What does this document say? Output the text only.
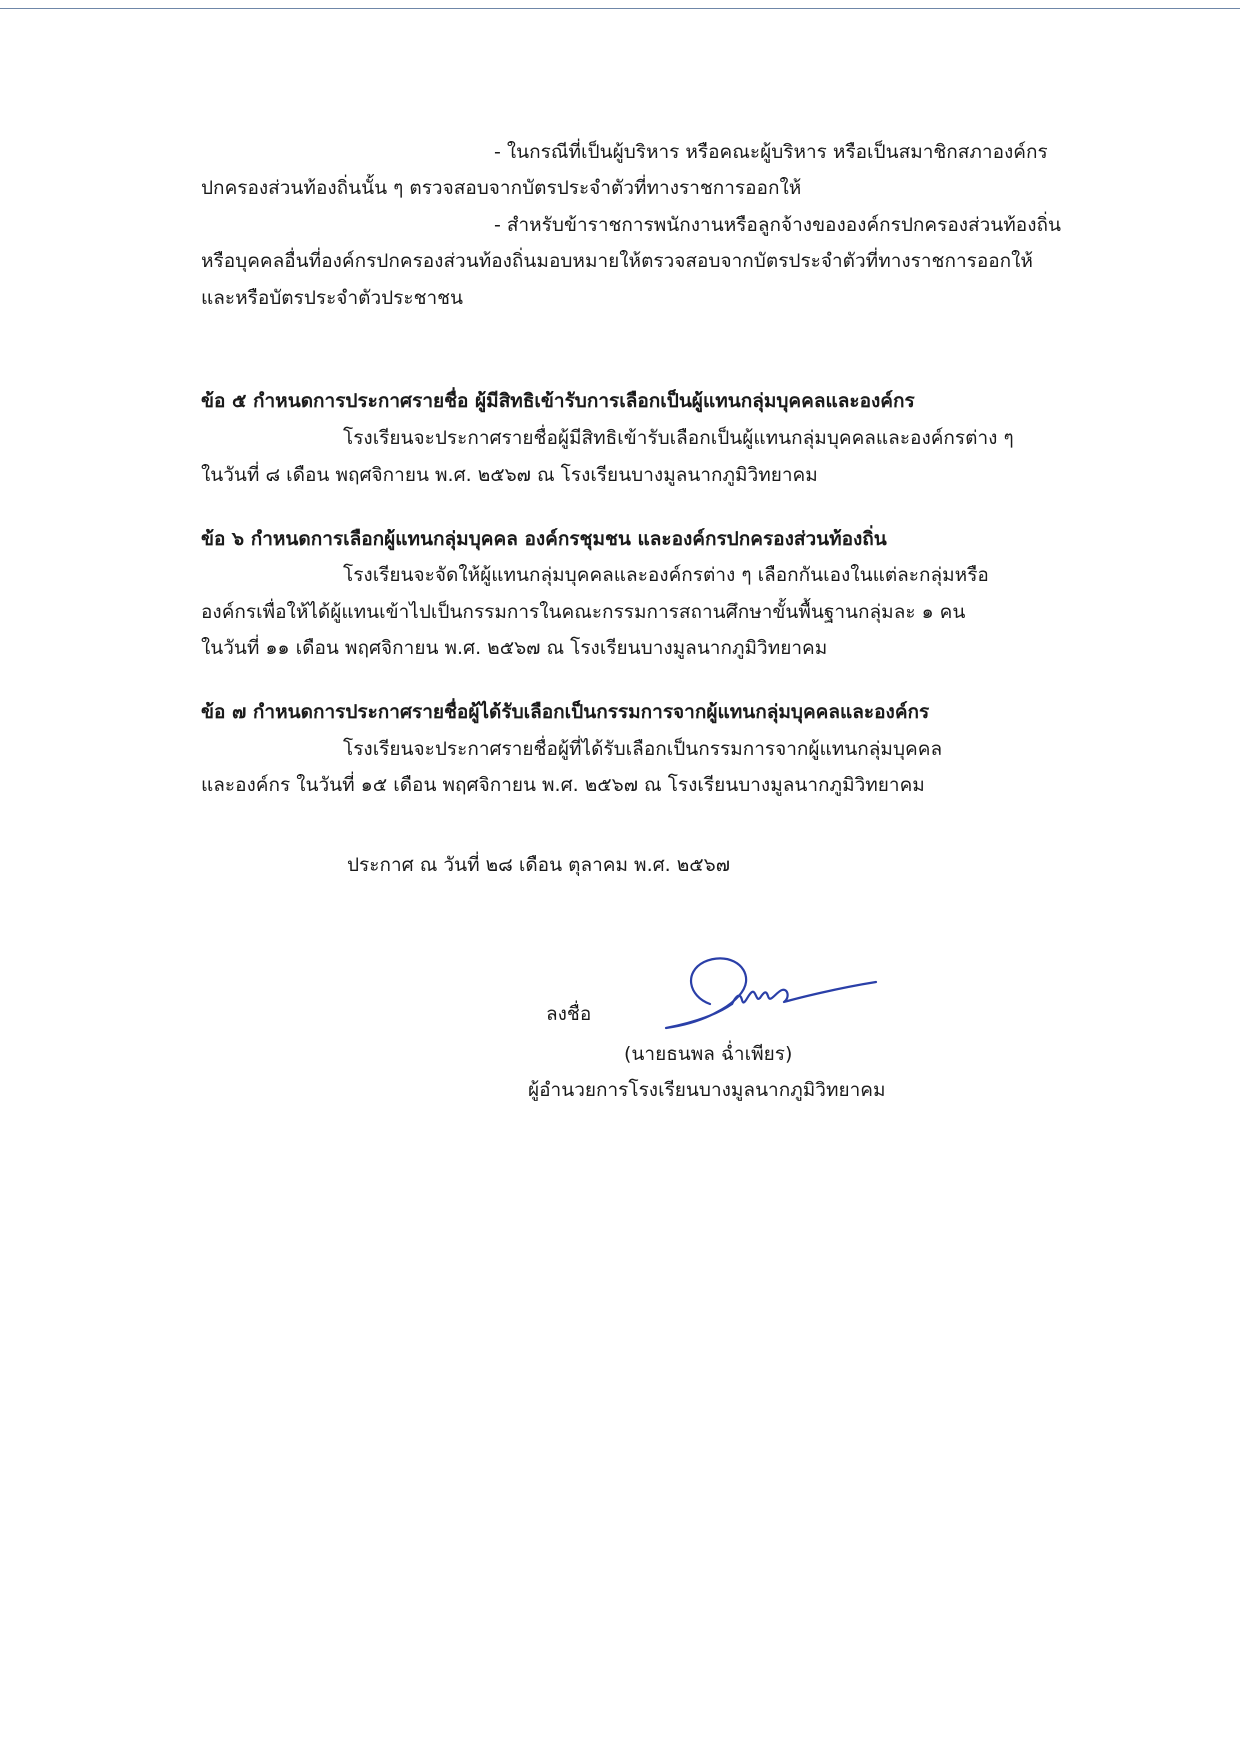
- ในกรณีที่เป็นผู้บริหาร หรือคณะผู้บริหาร หรือเป็นสมาชิกสภาองค์กร
ปกครองส่วนท้องถิ่นนั้น ๆ ตรวจสอบจากบัตรประจำตัวที่ทางราชการออกให้
- สำหรับข้าราชการพนักงานหรือลูกจ้างขององค์กรปกครองส่วนท้องถิ่น
หรือบุคคลอื่นที่องค์กรปกครองส่วนท้องถิ่นมอบหมายให้ตรวจสอบจากบัตรประจำตัวที่ทางราชการออกให้
และหรือบัตรประจำตัวประชาชน
ข้อ ๕ กำหนดการประกาศรายชื่อ ผู้มีสิทธิเข้ารับการเลือกเป็นผู้แทนกลุ่มบุคคลและองค์กร
โรงเรียนจะประกาศรายชื่อผู้มีสิทธิเข้ารับเลือกเป็นผู้แทนกลุ่มบุคคลและองค์กรต่าง ๆ
ในวันที่ ๘ เดือน พฤศจิกายน พ.ศ. ๒๕๖๗ ณ โรงเรียนบางมูลนากภูมิวิทยาคม
ข้อ ๖ กำหนดการเลือกผู้แทนกลุ่มบุคคล องค์กรชุมชน และองค์กรปกครองส่วนท้องถิ่น
โรงเรียนจะจัดให้ผู้แทนกลุ่มบุคคลและองค์กรต่าง ๆ เลือกกันเองในแต่ละกลุ่มหรือ
องค์กรเพื่อให้ได้ผู้แทนเข้าไปเป็นกรรมการในคณะกรรมการสถานศึกษาขั้นพื้นฐานกลุ่มละ ๑ คน
ในวันที่ ๑๑ เดือน พฤศจิกายน พ.ศ. ๒๕๖๗ ณ โรงเรียนบางมูลนากภูมิวิทยาคม
ข้อ ๗ กำหนดการประกาศรายชื่อผู้ได้รับเลือกเป็นกรรมการจากผู้แทนกลุ่มบุคคลและองค์กร
โรงเรียนจะประกาศรายชื่อผู้ที่ได้รับเลือกเป็นกรรมการจากผู้แทนกลุ่มบุคคล
และองค์กร ในวันที่ ๑๕ เดือน พฤศจิกายน พ.ศ. ๒๕๖๗ ณ โรงเรียนบางมูลนากภูมิวิทยาคม
ประกาศ ณ วันที่ ๒๘ เดือน ตุลาคม พ.ศ. ๒๕๖๗
ลงชื่อ
(นายธนพล ฉ่ำเพียร)
ผู้อำนวยการโรงเรียนบางมูลนากภูมิวิทยาคม
